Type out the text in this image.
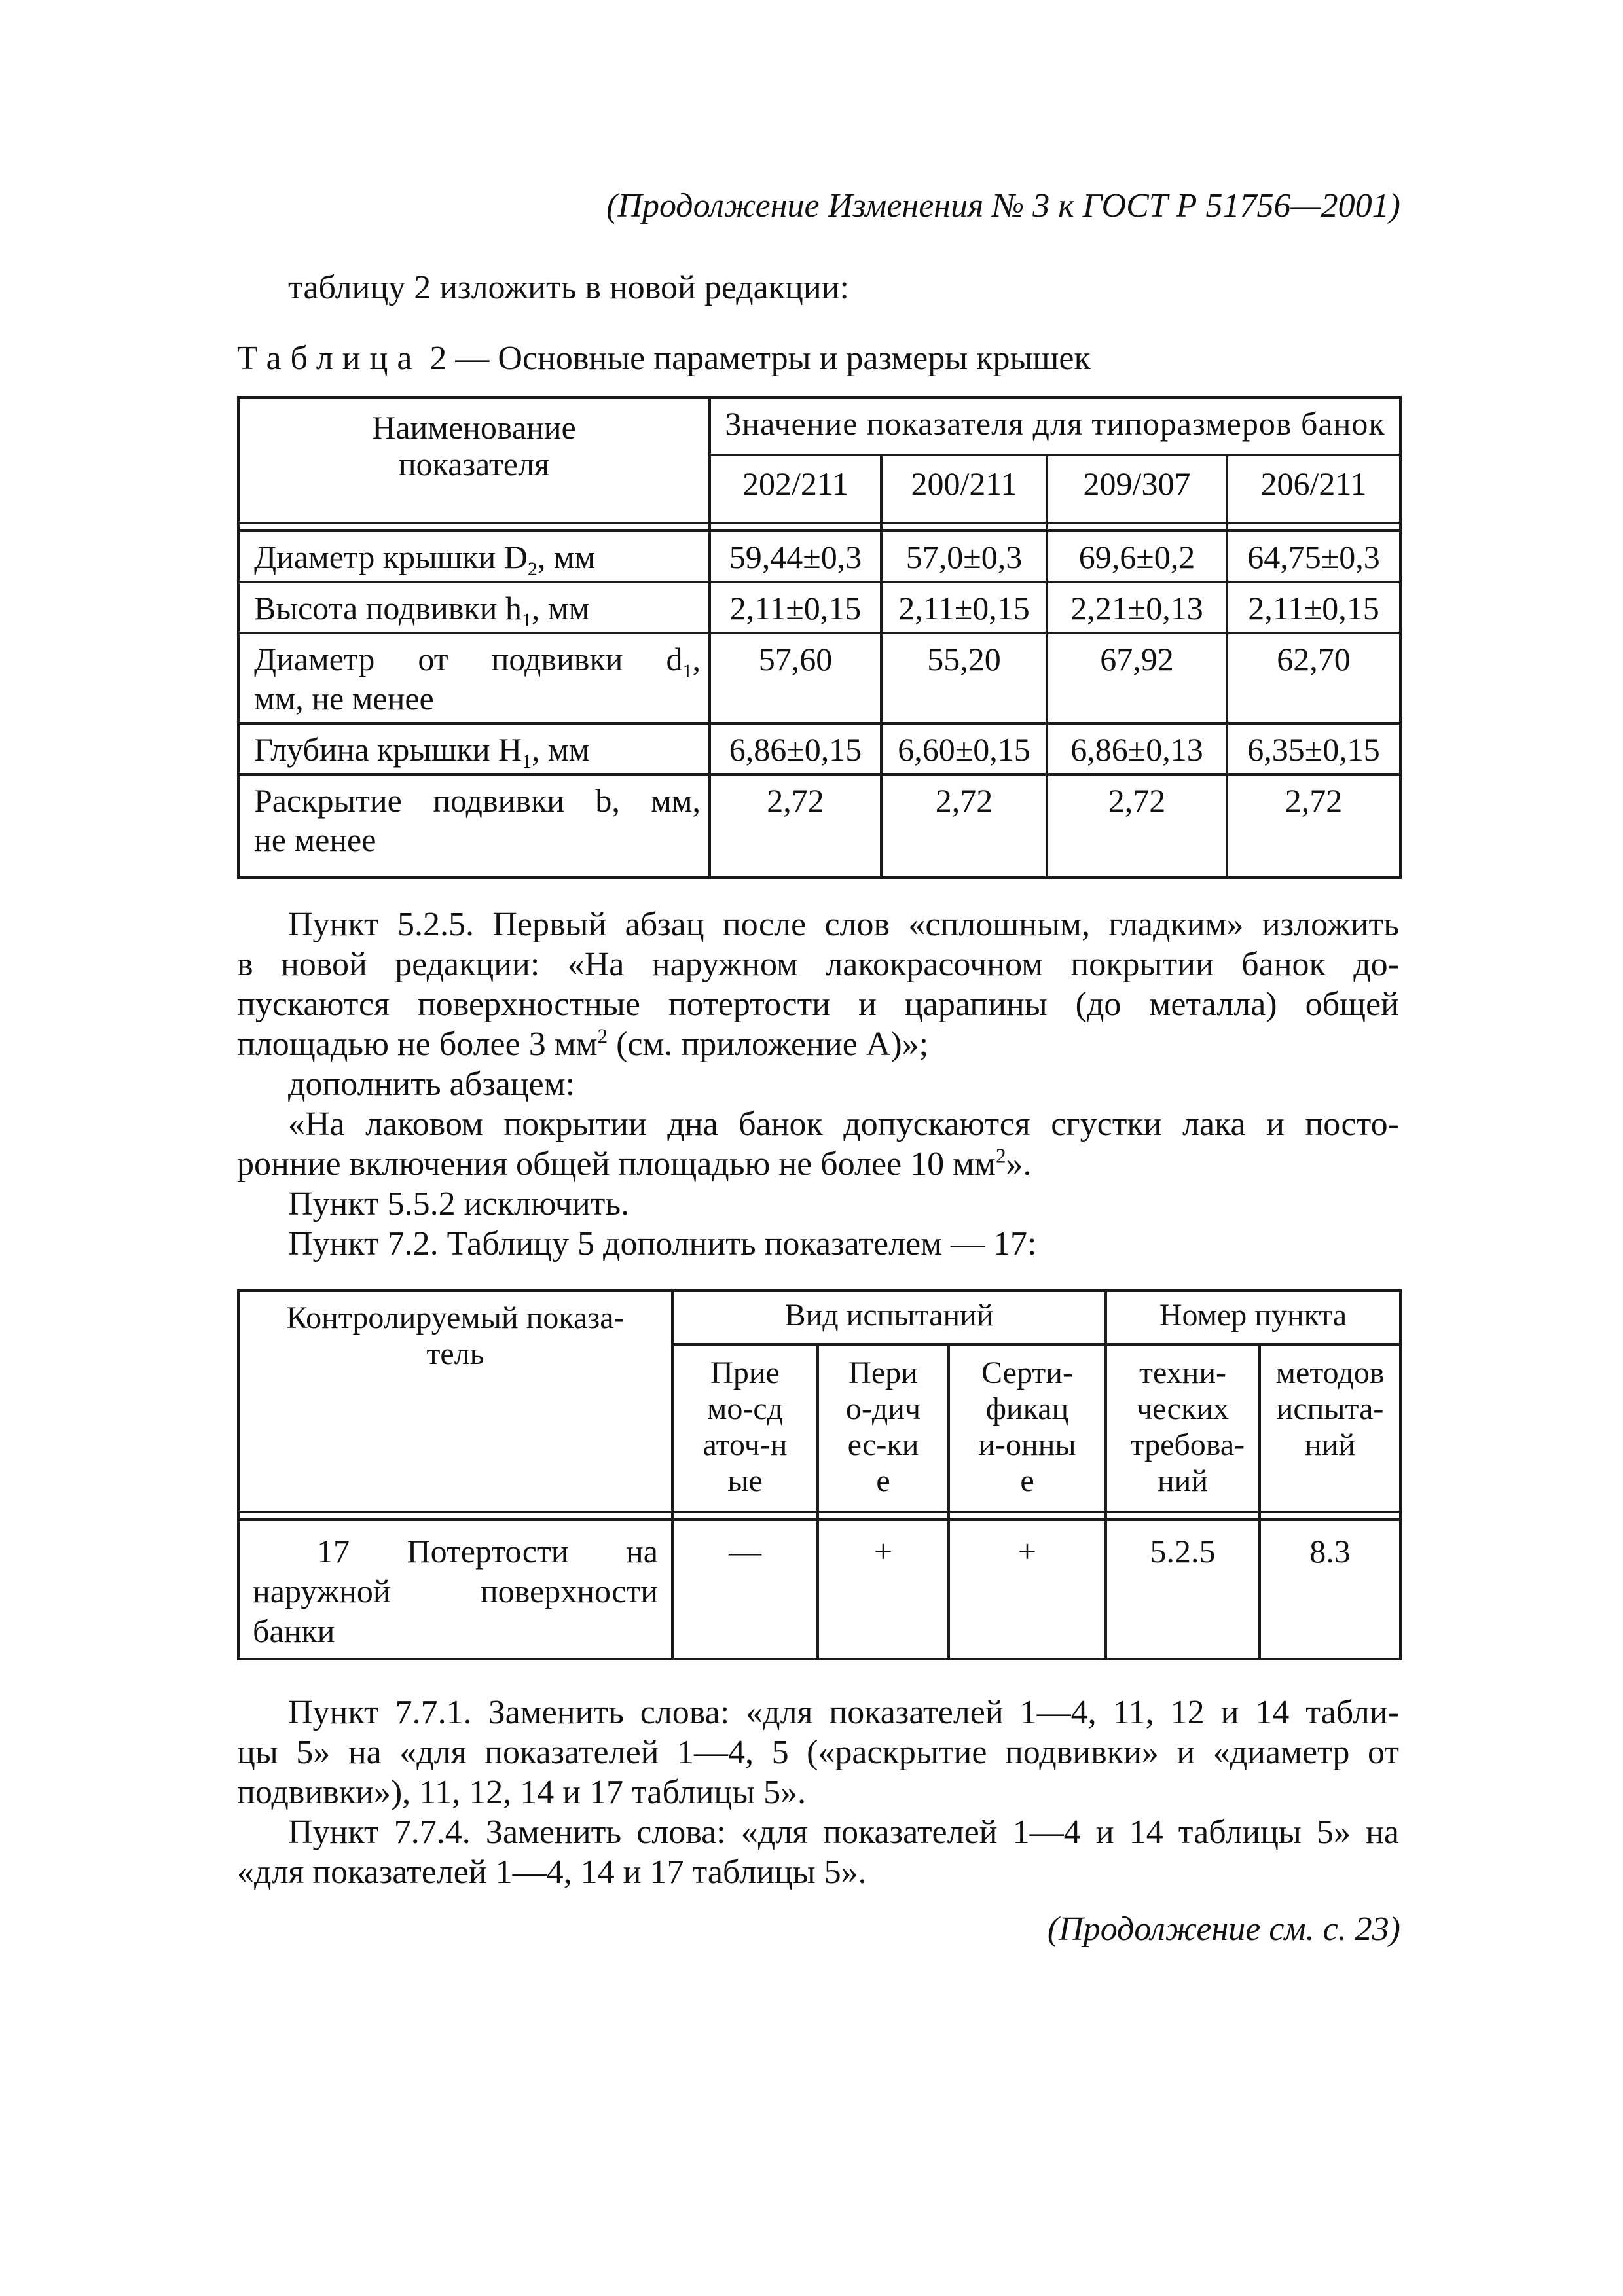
(Продолжение Изменения № 3 к ГОСТ Р 51756—2001)
таблицу 2 изложить в новой редакции:
Таблица 2 — Основные параметры и размеры крышек
Наименование показателя	Значение показателя для типоразмеров банок			
	202/211	200/211	209/307	206/211

Диаметр крышки $D_2$, мм	59,44±0,3	57,0±0,3	69,6±0,2	64,75±0,3
Высота подвивки $h_1$, мм	2,11±0,15	2,11±0,15	2,21±0,13	2,11±0,15

Диаметр от подвивки $d_1$,
мм, не менее	57,60	55,20	67,92	62,70
Глубина крышки $H_1$, мм	6,86±0,15	6,60±0,15	6,86±0,13	6,35±0,15

Раскрытие подвивки b, мм,
не менее	2,72	2,72	2,72	2,72
Пункт 5.2.5. Первый абзац после слов «сплошным, гладким» изложить
в новой редакции: «На наружном лакокрасочном покрытии банок до-
пускаются поверхностные потертости и царапины (до металла) общей
площадью не более 3 $мм^2$ (см. приложение А)»;
дополнить абзацем:
«На лаковом покрытии дна банок допускаются сгустки лака и посто-
ронние включения общей площадью не более 10 $мм^2$».
Пункт 5.5.2 исключить.
Пункт 7.2. Таблицу 5 дополнить показателем — 17:
Контролируемый показа-тель	Вид испытаний			Номер пункта	

	Приемо-сдаточ-ные	Перио-дичес-кие	Серти-фикаци-онные	техни-ческих требова-ний	методов испыта-ний

17 Потертости на наружной поверхности банки	—	+	+	5.2.5	8.3
Пункт 7.7.1. Заменить слова: «для показателей 1—4, 11, 12 и 14 табли-
цы 5» на «для показателей 1—4, 5 («раскрытие подвивки» и «диаметр от
подвивки»), 11, 12, 14 и 17 таблицы 5».
Пункт 7.7.4. Заменить слова: «для показателей 1—4 и 14 таблицы 5» на
«для показателей 1—4, 14 и 17 таблицы 5».
(Продолжение см. с. 23)
